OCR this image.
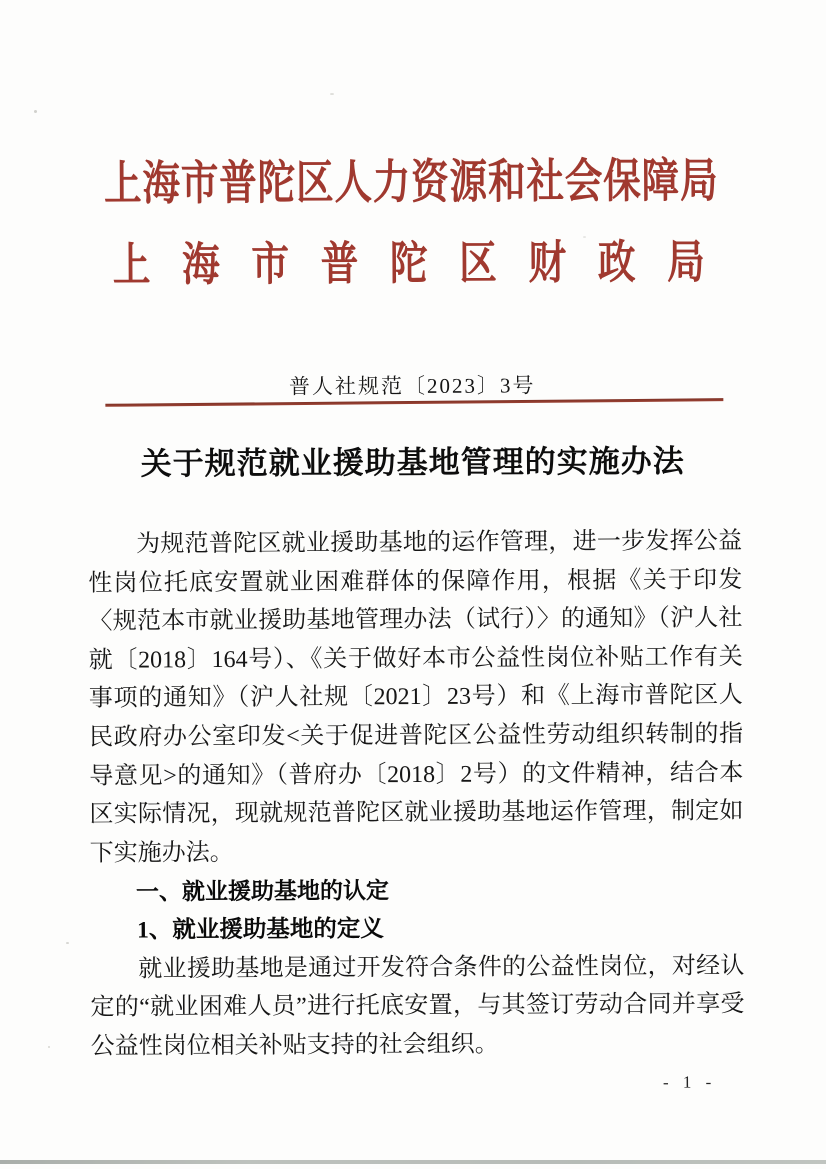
上海市普陀区人力资源和社会保障局
上 海 市 普 陀 区 财 政 局
普人社规范〔2023〕3号
关于规范就业援助基地管理的实施办法

为规范普陀区就业援助基地的运作管理，进一步发挥公益性岗位托底安置就业困难群体的保障作用，根据《关于印发〈规范本市就业援助基地管理办法（试行）〉的通知》（沪人社就〔2018〕164号）、《关于做好本市公益性岗位补贴工作有关事项的通知》（沪人社规〔2021〕23号）和《上海市普陀区人民政府办公室印发<关于促进普陀区公益性劳动组织转制的指导意见>的通知》（普府办〔2018〕2号）的文件精神，结合本区实际情况，现就规范普陀区就业援助基地运作管理，制定如下实施办法。

一、就业援助基地的认定

1、就业援助基地的定义

就业援助基地是通过开发符合条件的公益性岗位，对经认定的“就业困难人员”进行托底安置，与其签订劳动合同并享受公益性岗位相关补贴支持的社会组织。

- 1 -
